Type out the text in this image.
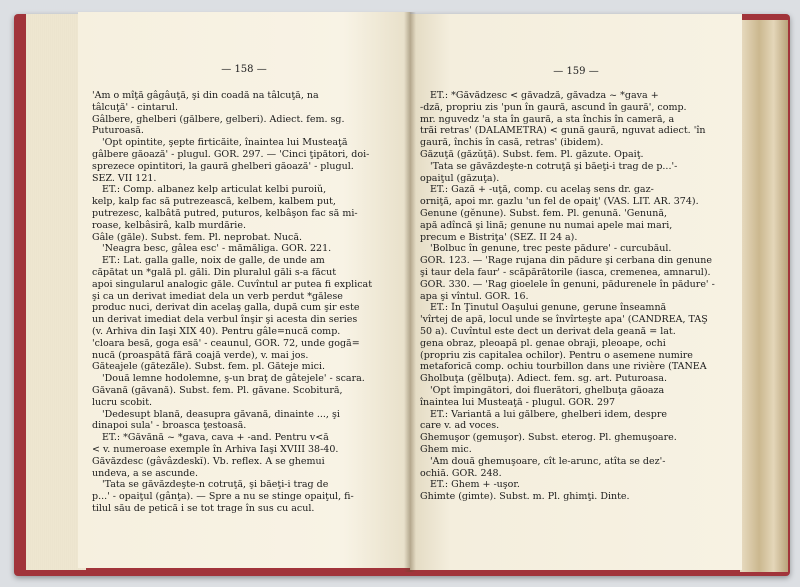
— 158 —
'Am o mîţă gâgâuţă, şi din coadă na tâlcuţă, na
tâlcuţă' - cintarul.
Gâlbere, ghelberi (gălbere, gelberi). Adiect. fem. sg.
Puturoasă.
'Opt opintite, şepte firticăite, înaintea lui Musteaţă
gâlbere găoază' - plugul. GOR. 297. — 'Cinci ţipători, doi-
sprezece opintitori, la gaură ghelberi găoază' - plugul.
SEZ. VII 121.
ET.: Comp. albanez kelp articulat kelbi puroiŭ,
kelp, kalp fac să putrezească, kelbem, kalbem put,
putrezesc, kalbâtă putred, puturos, kelbâşon fac să mi-
roase, kelbâsirâ, kalb murdărie.
Gâle (găle). Subst. fem. Pl. neprobat. Nucă.
'Neagra besc, gâlea esc' - mămăliga. GOR. 221.
ET.: Lat. galla galle, noix de galle, de unde am
căpătat un *gală pl. găli. Din pluralul găli s-a făcut
apoi singularul analogic găle. Cuvîntul ar putea fi explicat
şi ca un derivat imediat dela un verb perdut *gălese
produc nuci, derivat din acelaş galla, după cum şir este
un derivat imediat dela verbul înşir şi acesta din series
(v. Arhiva din Iaşi XIX 40). Pentru gâle=nucă comp.
'cloara besă, goga esă' - ceaunul, GOR. 72, unde gogă=
nucă (proaspătă fără coajă verde), v. mai jos.
Găteajele (găteză̆le). Subst. fem. pl. Găteje mici.
'Două lemne hodolemne, ş-un braţ de gâtejele' - scara.
Găvană (găvană). Subst. fem. Pl. găvane. Scobitură,
lucru scobit.
'Dedesupt blană, deasupra găvană, dinainte ..., şi
dinapoi sula' - broasca ţestoasă.
ET.: *Găvănă ~ *gava, cava + -and. Pentru v<ă
< v. numeroase exemple în Arhiva Iaşi XVIII 38-40.
Găvăzdesc (gâvâzdeskĭ). Vb. reflex. A se ghemui
undeva, a se ascunde.
'Tata se găvăzdeşte-n cotruţă, şi băeţi-i trag de
p...' - opaiţul (gânţa). — Spre a nu se stinge opaiţul, fi-
tilul său de petică i se tot trage în sus cu acul.
— 159 —
ET.: *Găvădzesc < găvadză, găvadza ~ *gava +
-dză, propriu zis 'pun în gaură, ascund în gaură', comp.
mr. nguvedz 'a sta în gaură, a sta închis în cameră, a
trăi retras' (DALAMETRA) < gună gaură, nguvat adiect. 'în
gaură, închis în casă, retras' (ibidem).
Găzuţă (găzŭţă). Subst. fem. Pl. găzute. Opaiţ.
'Tata se găvăzdeşte-n cotruţă şi băeţi-i trag de p...'-
opaiţul (găzuţa).
ET.: Gază + -uţă, comp. cu acelaş sens dr. gaz-
orniţă, apoi mr. gazlu 'un fel de opaiţ' (VAS. LIT. AR. 374).
Genune (gĕnune). Subst. fem. Pl. genună. 'Genună,
apă adîncă şi lină; genune nu numai apele mai mari,
precum e Bistriţa' (SEZ. II 24 a).
'Bolbuc în genune, trec peste pădure' - curcubăul.
GOR. 123. — 'Rage rujana din pădure şi cerbana din genune
şi taur dela faur' - scăpărătorile (iasca, cremenea, amnarul).
GOR. 330. — 'Rag gioelele în genuni, pădurenele în pădure' -
apa şi vîntul. GOR. 16.
ET.: În Ţinutul Oaşului genune, gerune înseamnă
'vîrtej de apă, locul unde se învîrteşte apa' (CANDREA, TAŞ
50 a). Cuvîntul este dect un derivat dela geană = lat.
gena obraz, pleoapă pl. genae obraji, pleoape, ochi
(propriu zis capitalea ochilor). Pentru o asemene numire
metaforică comp. ochiu tourbillon dans une rivière (TANEA
Gholbuţa (gĕlbuţa). Adiect. fem. sg. art. Puturoasa.
'Opt împingători, doi fluerători, ghelbuţa găoaza
înaintea lui Musteaţă - plugul. GOR. 297
ET.: Variantă a lui gălbere, ghelberi idem, despre
care v. ad voces.
Ghemuşor (gemuşor). Subst. eterog. Pl. ghemuşoare.
Ghem mic.
'Am două ghemuşoare, cît le-arunc, atîta se dez'-
ochiă. GOR. 248.
ET.: Ghem + -uşor.
Ghimte (gimte). Subst. m. Pl. ghimţi. Dinte.
